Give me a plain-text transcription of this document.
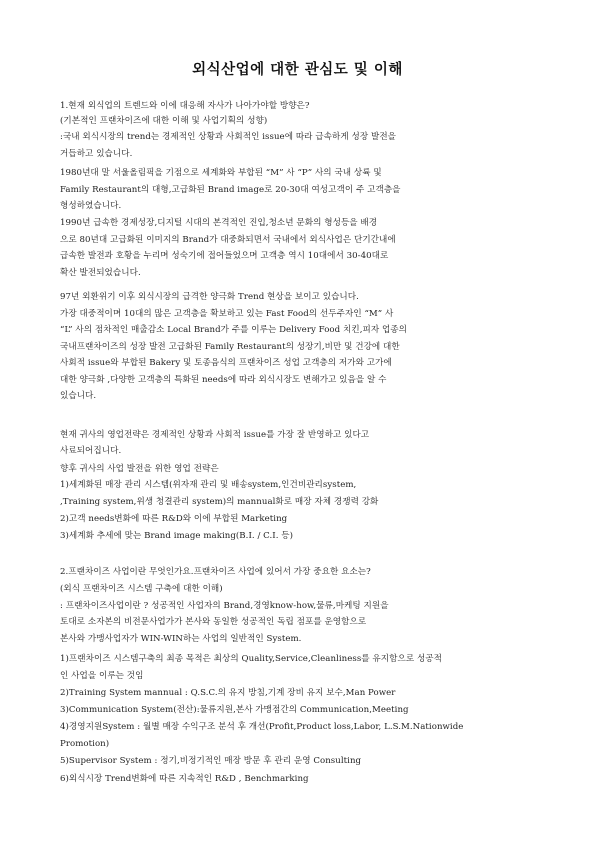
외식산업에 대한 관심도 및 이해
1.현재 외식업의 트렌드와 이에 대응해 자사가 나아가야할 방향은?
(기본적인 프랜차이즈에 대한 이해 및 사업기획의 성향)
:국내 외식시장의 trend는 경제적인 상황과 사회적인 issue에 따라 급속하게 성장 발전을
거듭하고 있습니다.
1980년대 말 서울올림픽을 기점으로 세계화와 부합된 “M” 사 “P” 사의 국내 상륙 및
Family Restaurant의 대형,고급화된 Brand image로 20-30대 여성고객이 주 고객층을
형성하였습니다.
1990년 급속한 경제성장,디지털 시대의 본격적인 진입,청소년 문화의 형성등을 배경
으로 80년대 고급화된 이미지의 Brand가 대중화되면서 국내에서 외식사업은 단기간내에
급속한 발전과 호황을 누리며 성숙기에 접어들었으며 고객층 역시 10대에서 30-40대로
확산 발전되었습니다.
97년 외환위기 이후 외식시장의 급격한 양극화 Trend 현상을 보이고 있습니다.
가장 대중적이며 10대의 많은 고객층을 확보하고 있는 Fast Food의 선두주자인 “M” 사
“L” 사의 점차적인 매출감소 Local Brand가 주를 이루는 Delivery Food 치킨,피자 업종의
국내프랜차이즈의 성장 발전 고급화된 Family Restaurant의 성장기,비만 및 건강에 대한
사회적 issue와 부합된 Bakery 및 토종음식의 프랜차이즈 성업 고객층의 저가와 고가에
대한 양극화 ,다양한 고객층의 특화된 needs에 따라 외식시장도 변해가고 있음을 알 수
있습니다.
현재 귀사의 영업전략은 경제적인 상황과 사회적 issue를 가장 잘 반영하고 있다고
사료되어집니다.
향후 귀사의 사업 발전을 위한 영업 전략은
1)세계화된 매장 관리 시스템(위자재 관리 및 배송system,인건비관리system,
,Training system,위생 청결관리 system)의 mannual화로 매장 자체 경쟁력 강화
2)고객 needs변화에 따른 R&D와 이에 부합된 Marketing
3)세계화 추세에 맞는 Brand image making(B.I. / C.I. 등)
2.프랜차이즈 사업이란 무엇인가요.프랜차이즈 사업에 있어서 가장 중요한 요소는?
(외식 프랜차이즈 시스템 구축에 대한 이해)
: 프랜차이즈사업이란 ? 성공적인 사업자의 Brand,경영know-how,물류,마케팅 지원을
토대로 소자본의 비전문사업가가 본사와 동일한 성공적인 독립 점포를 운영함으로
본사와 가맹사업자가 WIN-WIN하는 사업의 일반적인 System.
1)프랜차이즈 시스템구축의 최종 목적은 최상의 Quality,Service,Cleanliness를 유지함으로 성공적
인 사업을 이루는 것임
2)Training System mannual : Q.S.C.의 유지 방침,기계 장비 유지 보수,Man Power
3)Communication System(전산):물류지원,본사 가맹점간의 Communication,Meeting
4)경영지원System : 월별 매장 수익구조 분석 후 개선(Profit,Product loss,Labor, L.S.M.Nationwide
Promotion)
5)Supervisor System : 정기,비정기적인 매장 방문 후 관리 운영 Consulting
6)외식시장 Trend변화에 따른 지속적인 R&D , Benchmarking
